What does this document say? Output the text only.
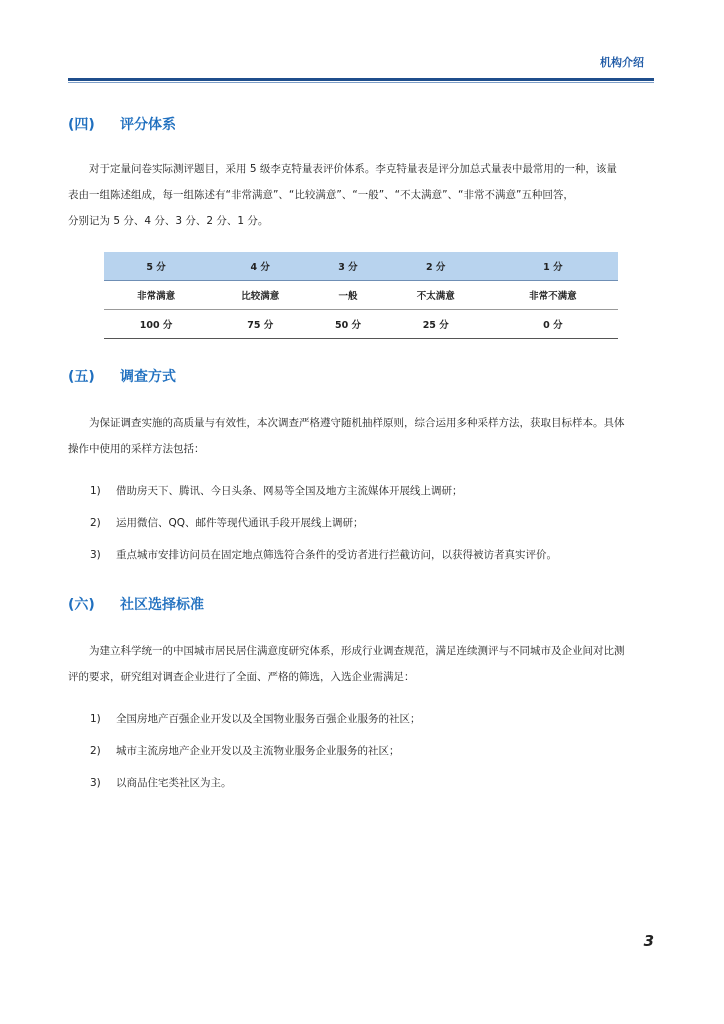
机构介绍
(四) 评分体系
对于定量问卷实际测评题目，采用 5 级李克特量表评价体系。李克特量表是评分加总式量表中最常用的一种，该量
表由一组陈述组成，每一组陈述有“非常满意”、“比较满意”、“一般”、“不太满意”、“非常不满意”五种回答，
分别记为 5 分、4 分、3 分、2 分、1 分。
5 分	4 分	3 分	2 分	1 分
非常满意	比较满意	一般	不太满意	非常不满意
100 分	75 分	50 分	25 分	0 分
(五) 调查方式
为保证调查实施的高质量与有效性，本次调查严格遵守随机抽样原则，综合运用多种采样方法，获取目标样本。具体
操作中使用的采样方法包括：
1) 借助房天下、腾讯、今日头条、网易等全国及地方主流媒体开展线上调研；
2) 运用微信、QQ、邮件等现代通讯手段开展线上调研；
3) 重点城市安排访问员在固定地点筛选符合条件的受访者进行拦截访问，以获得被访者真实评价。
(六) 社区选择标准
为建立科学统一的中国城市居民居住满意度研究体系，形成行业调查规范，满足连续测评与不同城市及企业间对比测
评的要求，研究组对调查企业进行了全面、严格的筛选，入选企业需满足：
1) 全国房地产百强企业开发以及全国物业服务百强企业服务的社区；
2) 城市主流房地产企业开发以及主流物业服务企业服务的社区；
3) 以商品住宅类社区为主。
3
